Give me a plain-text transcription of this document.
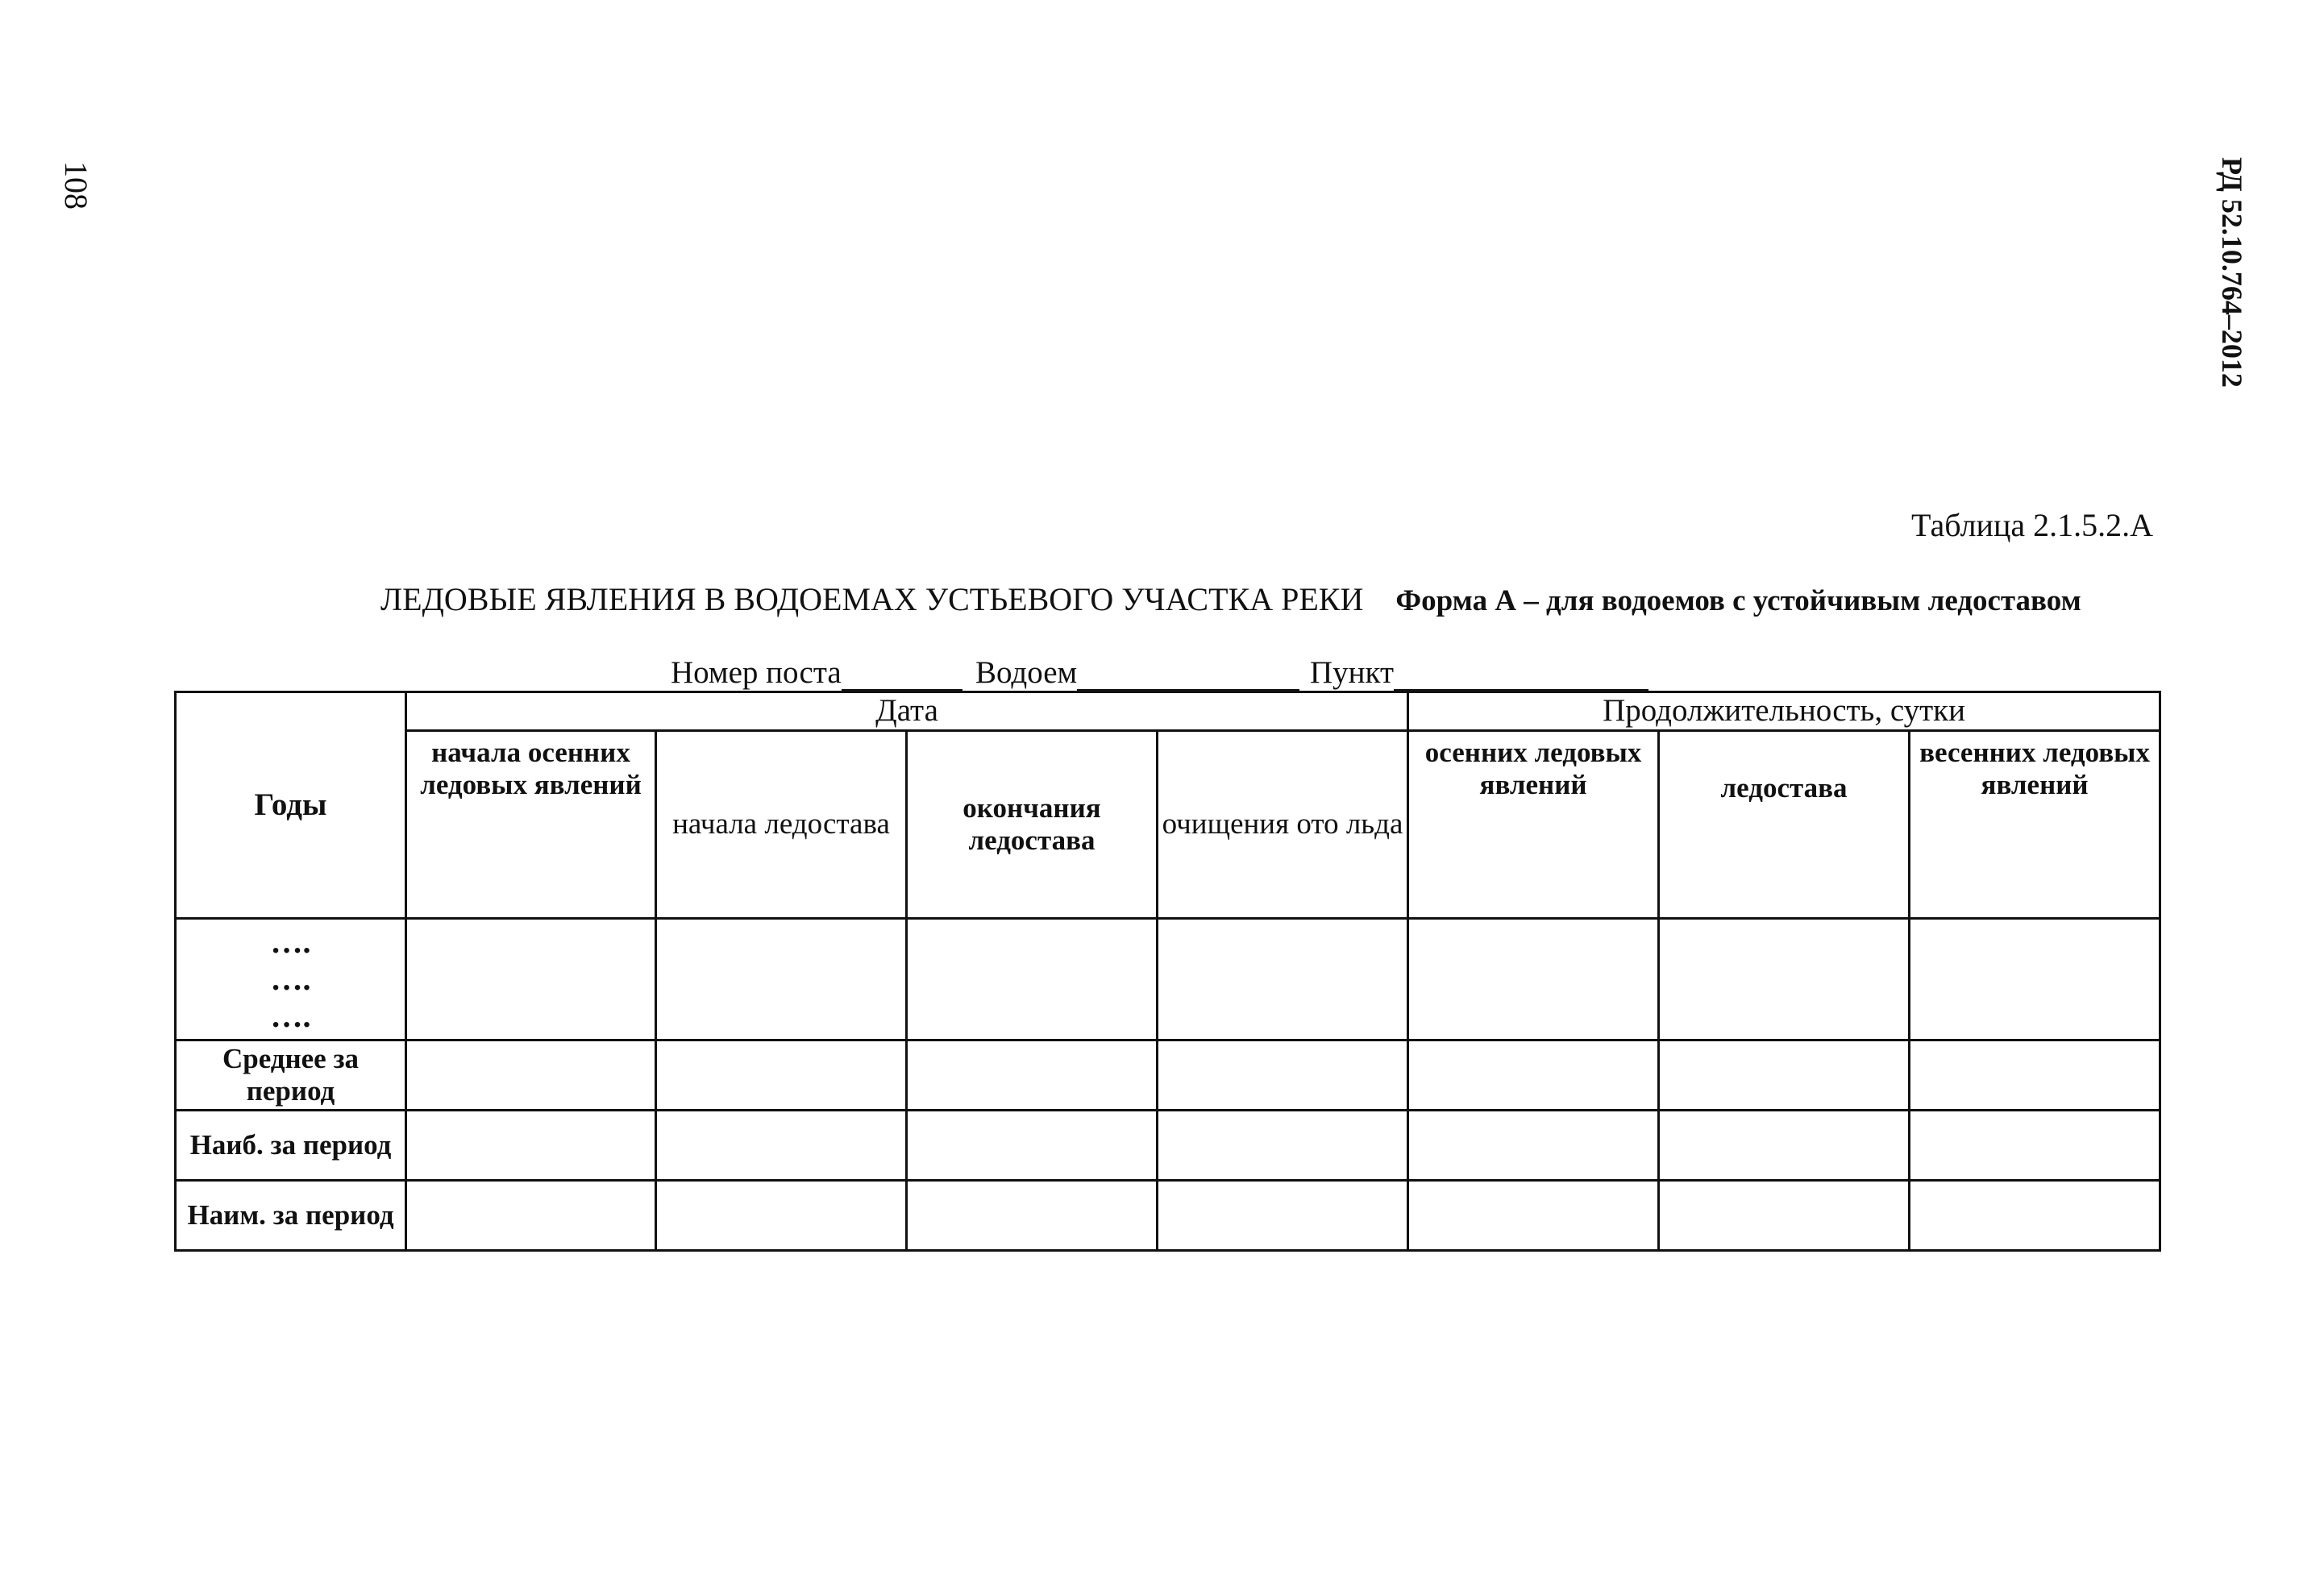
108	РД 52.10.764–2012
Таблица 2.1.5.2.А
ЛЕДОВЫЕ ЯВЛЕНИЯ В ВОДОЕМАХ УСТЬЕВОГО УЧАСТКА РЕКИ Форма А – для водоемов с устойчивым ледоставом
Номер поста	Водоем	Пункт
Годы	Дата				Продолжительность, сутки		
	начала осенних ледовых явлений	начала ледостава	окончания ледостава	очищения ото льда	осенних ледовых явлений	ледостава	весенних ледовых явлений

….
….
….							

Среднее за период							
Наиб. за период							
Наим. за период							
